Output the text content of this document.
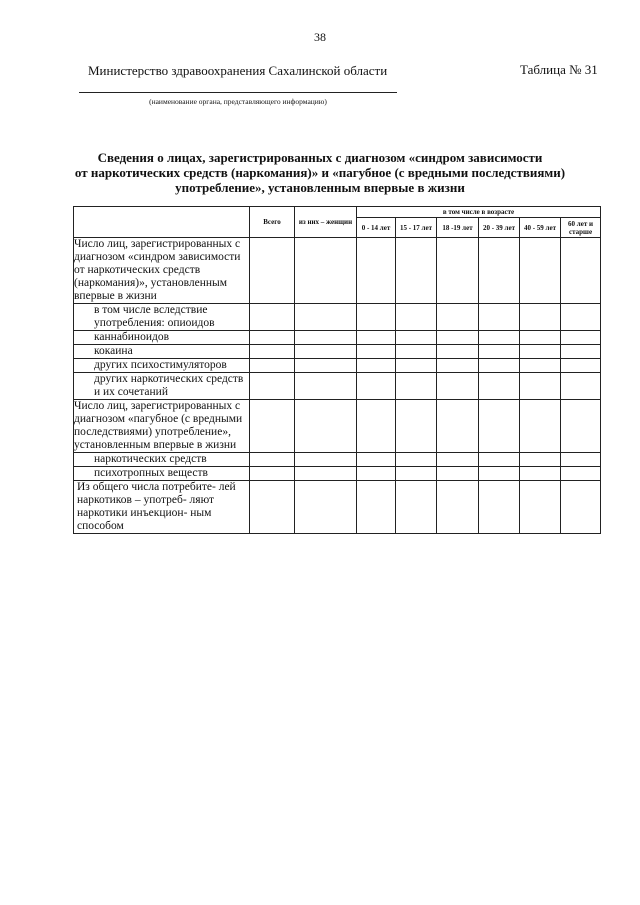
38
Министерство здравоохранения Сахалинской области	Таблица № 31
(наименование органа, представляющего информацию)
Сведения о лицах, зарегистрированных с диагнозом «синдром зависимости
от наркотических средств (наркомания)» и «пагубное (с вредными последствиями)
употребление», установленным впервые в жизни
	Всего	из них – женщин	в том числе в возрасте					
			0 - 14 лет	15 - 17 лет	18 -19 лет	20 - 39 лет	40 - 59 лет	60 лет и старше
Число лиц, зарегистрированных с диагнозом «синдром зависимости от наркотических средств (наркомания)», установленным впервые в жизни								
в том числе вследствие употребления: опиоидов								
каннабиноидов								
кокаина								
других психостимуляторов								
других наркотических средств и их сочетаний								
Число лиц, зарегистрированных с диагнозом «пагубное (с вредными последствиями) употребление», установленным впервые в жизни								
наркотических средств								
психотропных веществ								
Из общего числа потребите- лей наркотиков – употреб- ляют наркотики инъекцион- ным способом								
